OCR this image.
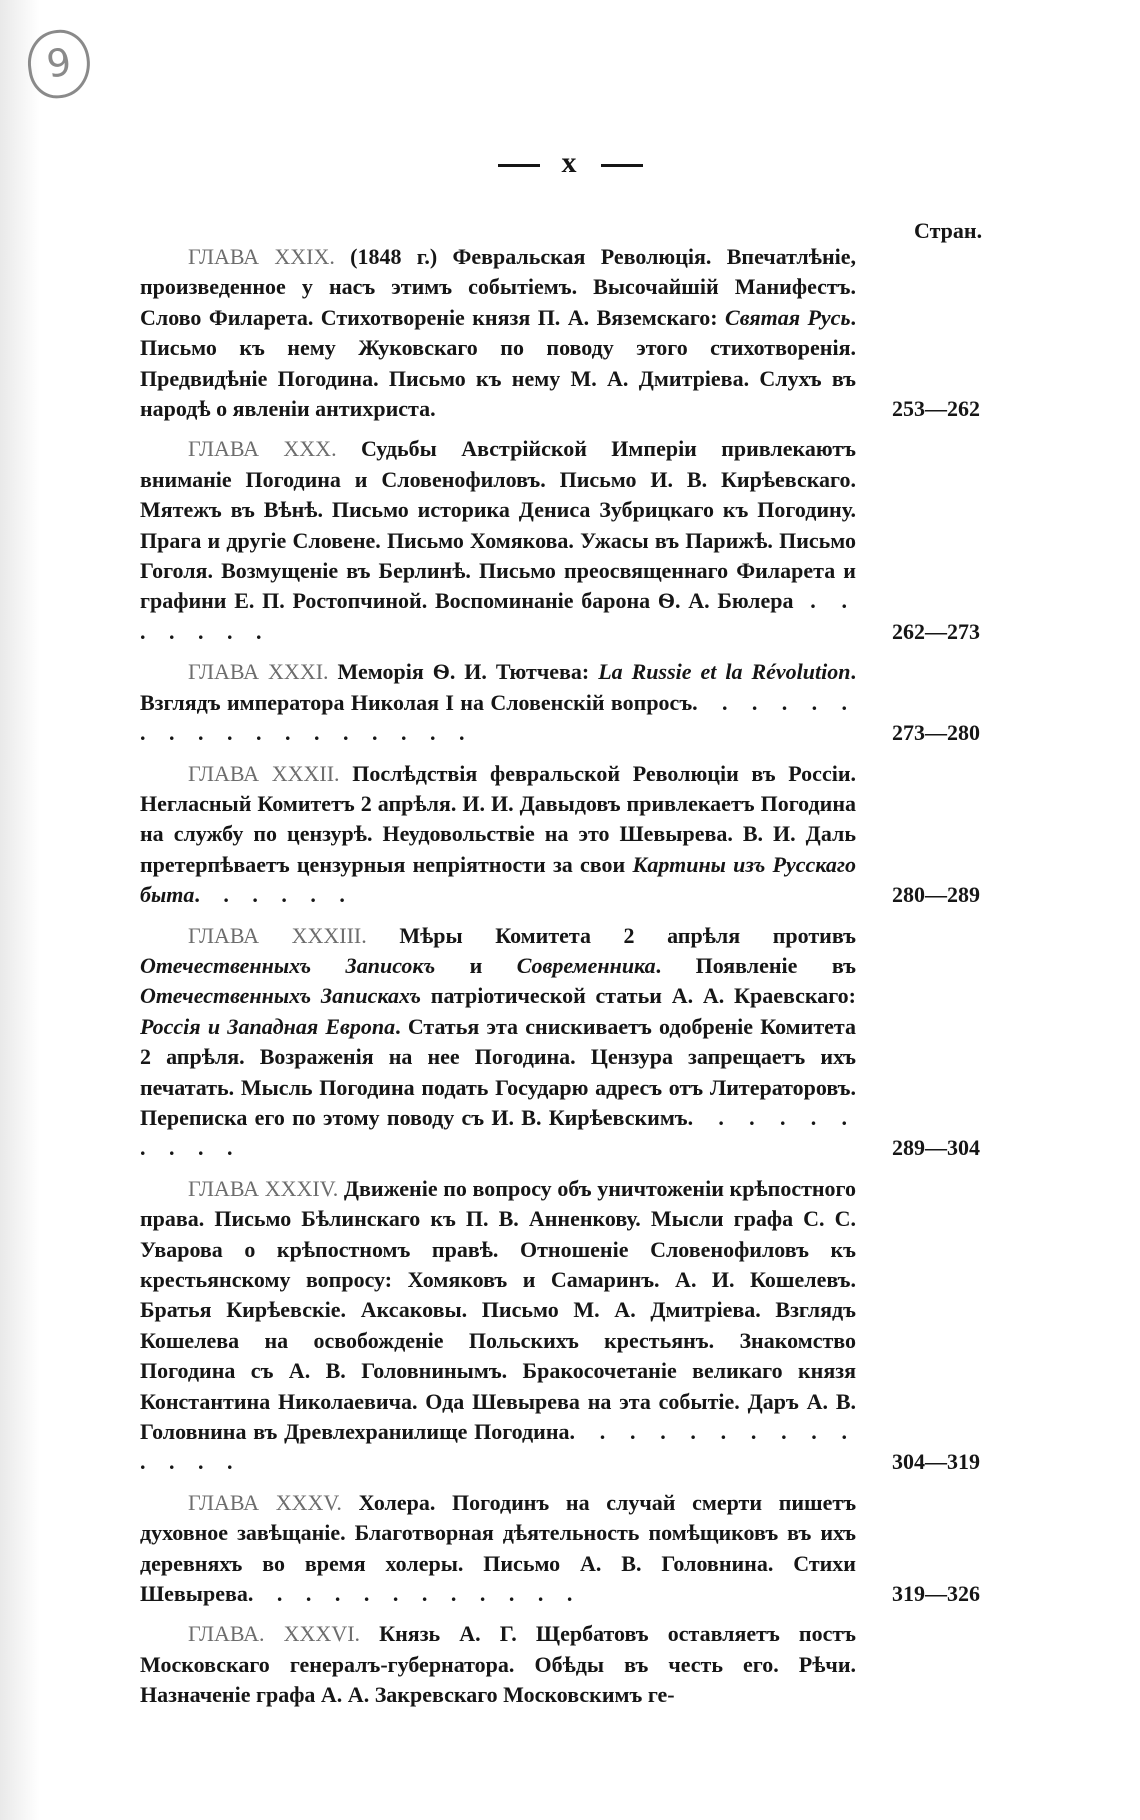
9
x
Стран.
ГЛАВА XXIX. (1848 г.) Февральская Революція. Впечатлѣніе, произведенное у насъ этимъ событіемъ. Высочайшій Манифестъ. Слово Филарета. Стихотвореніе князя П. А. Вяземскаго: Святая Русь. Письмо къ нему Жуковскаго по поводу этого стихотворенія. Предвидѣніе Погодина. Письмо къ нему М. А. Дмитріева. Слухъ въ народѣ о явленіи антихриста.	253—262
ГЛАВА XXX. Судьбы Австрійской Имперіи привлекаютъ вниманіе Погодина и Словенофиловъ. Письмо И. В. Кирѣевскаго. Мятежъ въ Вѣнѣ. Письмо историка Дениса Зубрицкаго къ Погодину. Прага и другіе Словене. Письмо Хомякова. Ужасы въ Парижѣ. Письмо Гоголя. Возмущеніе въ Берлинѣ. Письмо преосвященнаго Филарета и графини Е. П. Ростопчиной. Воспоминаніе барона Ѳ. А. Бюлера . . . . . . .	262—273
ГЛАВА XXXI. Меморія Ѳ. И. Тютчева: La Russie et la Révolution. Взглядъ императора Николая I на Словенскій вопросъ. . . . . . . . . . . . . . . . . .	273—280
ГЛАВА XXXII. Послѣдствія февральской Революціи въ Россіи. Негласный Комитетъ 2 апрѣля. И. И. Давыдовъ привлекаетъ Погодина на службу по цензурѣ. Неудовольствіе на это Шевырева. В. И. Даль претерпѣваетъ цензурныя непріятности за свои Картины изъ Русскаго быта. . . . . .	280—289
ГЛАВА XXXIII. Мѣры Комитета 2 апрѣля противъ Отечественныхъ Записокъ и Современника. Появленіе въ Отечественныхъ Запискахъ патріотической статьи А. А. Краевскаго: Россія и Западная Европа. Статья эта снискиваетъ одобреніе Комитета 2 апрѣля. Возраженія на нее Погодина. Цензура запрещаетъ ихъ печатать. Мысль Погодина подать Государю адресъ отъ Литераторовъ. Переписка его по этому поводу съ И. В. Кирѣевскимъ. . . . . . . . . .	289—304
ГЛАВА XXXIV. Движеніе по вопросу объ уничтоженіи крѣпостного права. Письмо Бѣлинскаго къ П. В. Анненкову. Мысли графа С. С. Уварова о крѣпостномъ правѣ. Отношеніе Словенофиловъ къ крестьянскому вопросу: Хомяковъ и Самаринъ. А. И. Кошелевъ. Братья Кирѣевскіе. Аксаковы. Письмо М. А. Дмитріева. Взглядъ Кошелева на освобожденіе Польскихъ крестьянъ. Знакомство Погодина съ А. В. Головнинымъ. Бракосочетаніе великаго князя Константина Николаевича. Ода Шевырева на эта событіе. Даръ А. В. Головнина въ Древлехранилище Погодина. . . . . . . . . . . . . .	304—319
ГЛАВА XXXV. Холера. Погодинъ на случай смерти пишетъ духовное завѣщаніе. Благотворная дѣятельность помѣщиковъ въ ихъ деревняхъ во время холеры. Письмо А. В. Головнина. Стихи Шевырева. . . . . . . . . . . .	319—326
ГЛАВА. XXXVI. Князь А. Г. Щербатовъ оставляетъ постъ Московскаго генералъ-губернатора. Обѣды въ честь его. Рѣчи. Назначеніе графа А. А. Закревскаго Московскимъ ге-
